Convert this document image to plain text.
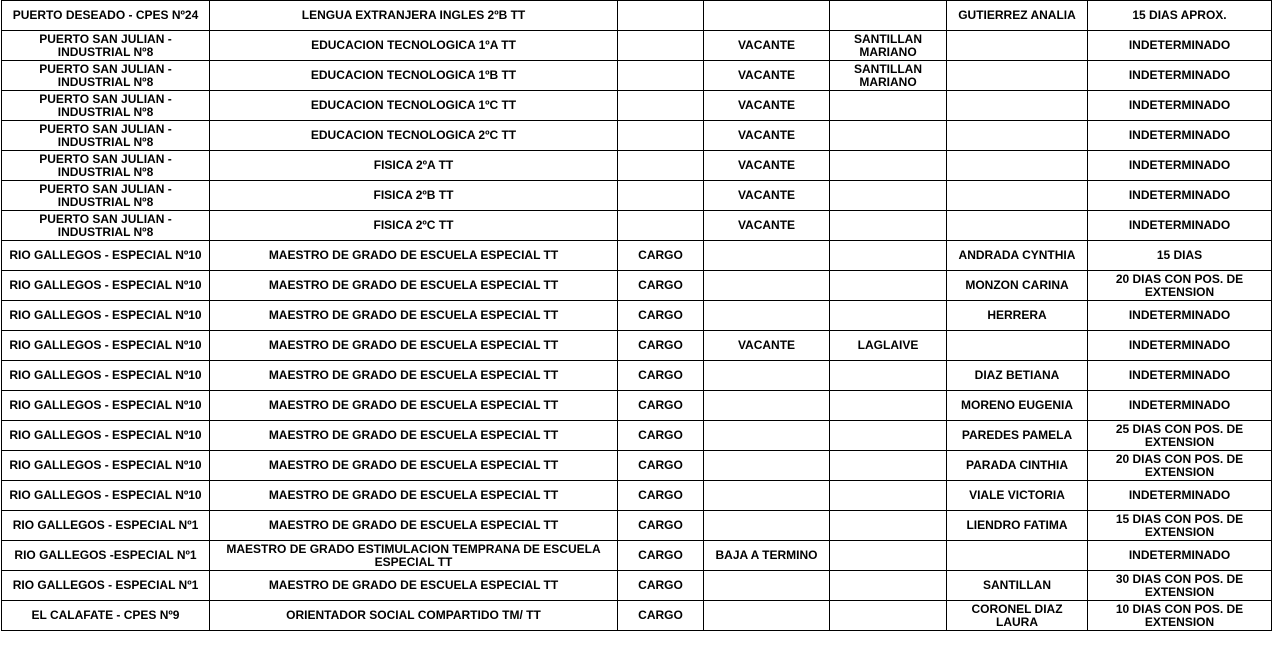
PUERTO DESEADO - CPES Nº24	LENGUA EXTRANJERA INGLES 2ºB TT				GUTIERREZ ANALIA	15 DIAS APROX.
PUERTO SAN JULIAN - INDUSTRIAL Nº8	EDUCACION TECNOLOGICA 1ºA TT		VACANTE	SANTILLAN MARIANO		INDETERMINADO
PUERTO SAN JULIAN - INDUSTRIAL Nº8	EDUCACION TECNOLOGICA 1ºB TT		VACANTE	SANTILLAN MARIANO		INDETERMINADO
PUERTO SAN JULIAN - INDUSTRIAL Nº8	EDUCACION TECNOLOGICA 1ºC TT		VACANTE			INDETERMINADO
PUERTO SAN JULIAN - INDUSTRIAL Nº8	EDUCACION TECNOLOGICA 2ºC TT		VACANTE			INDETERMINADO
PUERTO SAN JULIAN - INDUSTRIAL Nº8	FISICA 2ºA TT		VACANTE			INDETERMINADO
PUERTO SAN JULIAN - INDUSTRIAL Nº8	FISICA 2ºB TT		VACANTE			INDETERMINADO
PUERTO SAN JULIAN - INDUSTRIAL Nº8	FISICA 2ºC TT		VACANTE			INDETERMINADO
RIO GALLEGOS - ESPECIAL Nº10	MAESTRO DE GRADO DE ESCUELA ESPECIAL TT	CARGO			ANDRADA CYNTHIA	15 DIAS
RIO GALLEGOS - ESPECIAL Nº10	MAESTRO DE GRADO DE ESCUELA ESPECIAL TT	CARGO			MONZON CARINA	20 DIAS CON POS. DE EXTENSION
RIO GALLEGOS - ESPECIAL Nº10	MAESTRO DE GRADO DE ESCUELA ESPECIAL TT	CARGO			HERRERA	INDETERMINADO
RIO GALLEGOS - ESPECIAL Nº10	MAESTRO DE GRADO DE ESCUELA ESPECIAL TT	CARGO	VACANTE	LAGLAIVE		INDETERMINADO
RIO GALLEGOS - ESPECIAL Nº10	MAESTRO DE GRADO DE ESCUELA ESPECIAL TT	CARGO			DIAZ BETIANA	INDETERMINADO
RIO GALLEGOS - ESPECIAL Nº10	MAESTRO DE GRADO DE ESCUELA ESPECIAL TT	CARGO			MORENO EUGENIA	INDETERMINADO
RIO GALLEGOS - ESPECIAL Nº10	MAESTRO DE GRADO DE ESCUELA ESPECIAL TT	CARGO			PAREDES PAMELA	25 DIAS CON POS. DE EXTENSION
RIO GALLEGOS - ESPECIAL Nº10	MAESTRO DE GRADO DE ESCUELA ESPECIAL TT	CARGO			PARADA CINTHIA	20 DIAS CON POS. DE EXTENSION
RIO GALLEGOS - ESPECIAL Nº10	MAESTRO DE GRADO DE ESCUELA ESPECIAL TT	CARGO			VIALE VICTORIA	INDETERMINADO
RIO GALLEGOS - ESPECIAL Nº1	MAESTRO DE GRADO DE ESCUELA ESPECIAL TT	CARGO			LIENDRO FATIMA	15 DIAS CON POS. DE EXTENSION
RIO GALLEGOS -ESPECIAL Nº1	MAESTRO DE GRADO ESTIMULACION TEMPRANA DE ESCUELA ESPECIAL TT	CARGO	BAJA A TERMINO			INDETERMINADO
RIO GALLEGOS - ESPECIAL Nº1	MAESTRO DE GRADO DE ESCUELA ESPECIAL TT	CARGO			SANTILLAN	30 DIAS CON POS. DE EXTENSION
EL CALAFATE - CPES Nº9	ORIENTADOR SOCIAL COMPARTIDO TM/ TT	CARGO			CORONEL DIAZ LAURA	10 DIAS CON POS. DE EXTENSION
